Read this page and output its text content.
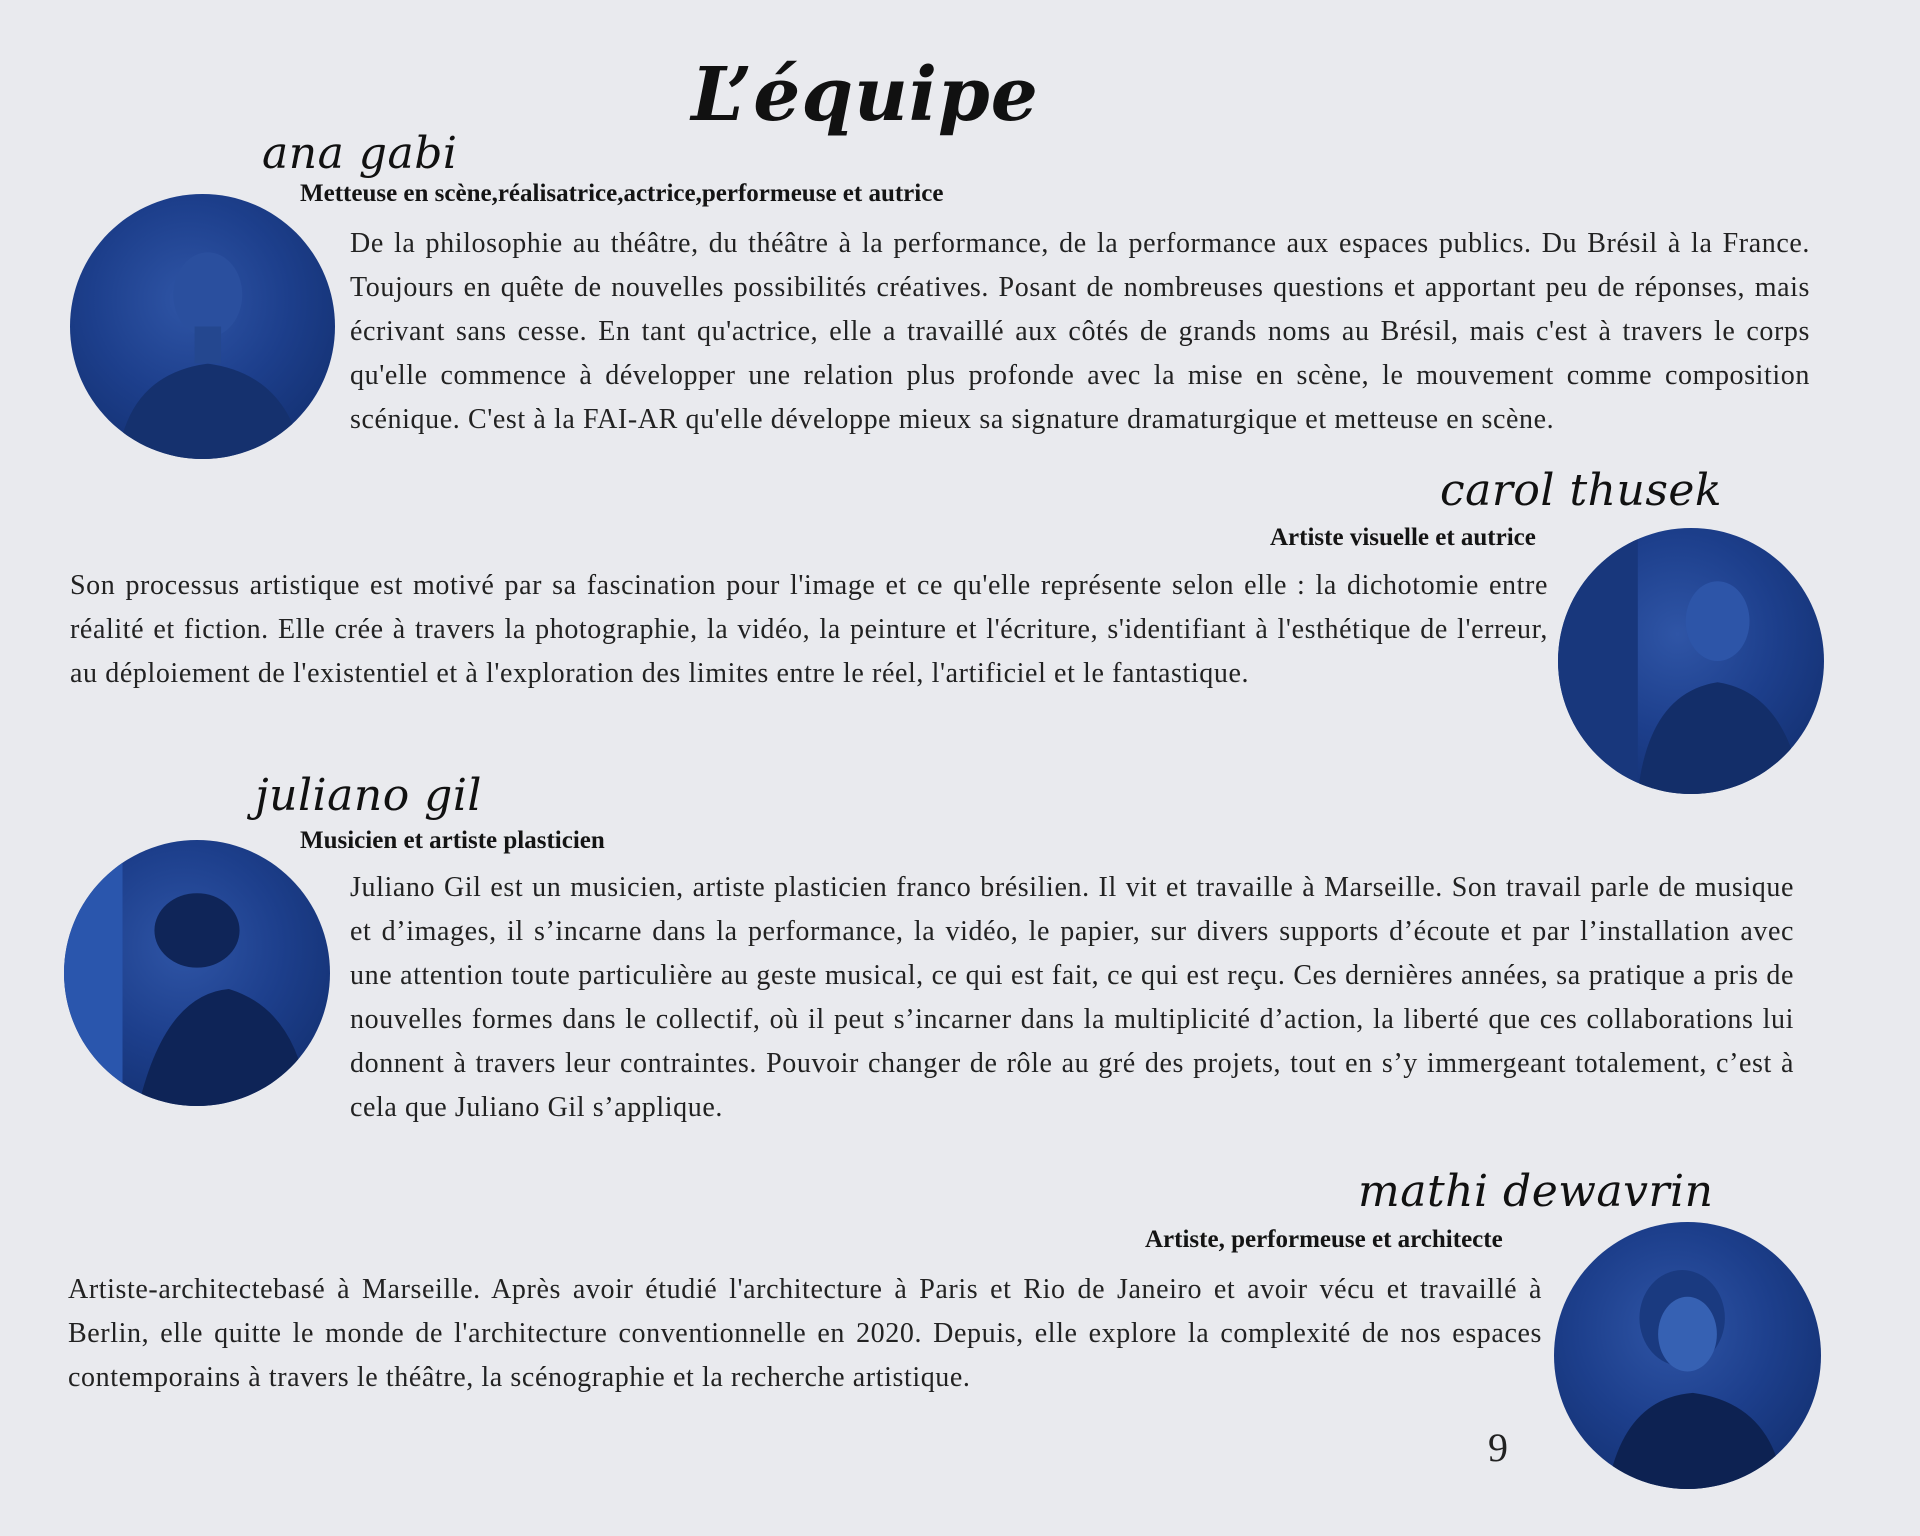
L’équipe
ana gabi
Metteuse en scène,réalisatrice,actrice,performeuse et autrice
De la philosophie au théâtre, du théâtre à la performance, de la performance aux espaces publics. Du Brésil à la France. Toujours en quête de nouvelles possibilités créatives. Posant de nombreuses questions et apportant peu de réponses, mais écrivant sans cesse. En tant qu'actrice, elle a travaillé aux côtés de grands noms au Brésil, mais c'est à travers le corps qu'elle commence à développer une relation plus profonde avec la mise en scène, le mouvement comme composition scénique. C'est à la FAI-AR qu'elle développe mieux sa signature dramaturgique et metteuse en scène.
carol thusek
Artiste visuelle et autrice
Son processus artistique est motivé par sa fascination pour l'image et ce qu'elle représente selon elle : la dichotomie entre réalité et fiction. Elle crée à travers la photographie, la vidéo, la peinture et l'écriture, s'identifiant à l'esthétique de l'erreur, au déploiement de l'existentiel et à l'exploration des limites entre le réel, l'artificiel et le fantastique.
juliano gil
Musicien et artiste plasticien
Juliano Gil est un musicien, artiste plasticien franco brésilien. Il vit et travaille à Marseille. Son travail parle de musique et d’images, il s’incarne dans la performance, la vidéo, le papier, sur divers supports d’écoute et par l’installation avec une attention toute particulière au geste musical, ce qui est fait, ce qui est reçu. Ces dernières années, sa pratique a pris de nouvelles formes dans le collectif, où il peut s’incarner dans la multiplicité d’action, la liberté que ces collaborations lui donnent à travers leur contraintes. Pouvoir changer de rôle au gré des projets, tout en s’y immergeant totalement, c’est à cela que Juliano Gil s’applique.
mathi dewavrin
Artiste, performeuse et architecte
Artiste-architectebasé à Marseille. Après avoir étudié l'architecture à Paris et Rio de Janeiro et avoir vécu et travaillé à Berlin, elle quitte le monde de l'architecture conventionnelle en 2020. Depuis, elle explore la complexité de nos espaces contemporains à travers le théâtre, la scénographie et la recherche artistique.
9
